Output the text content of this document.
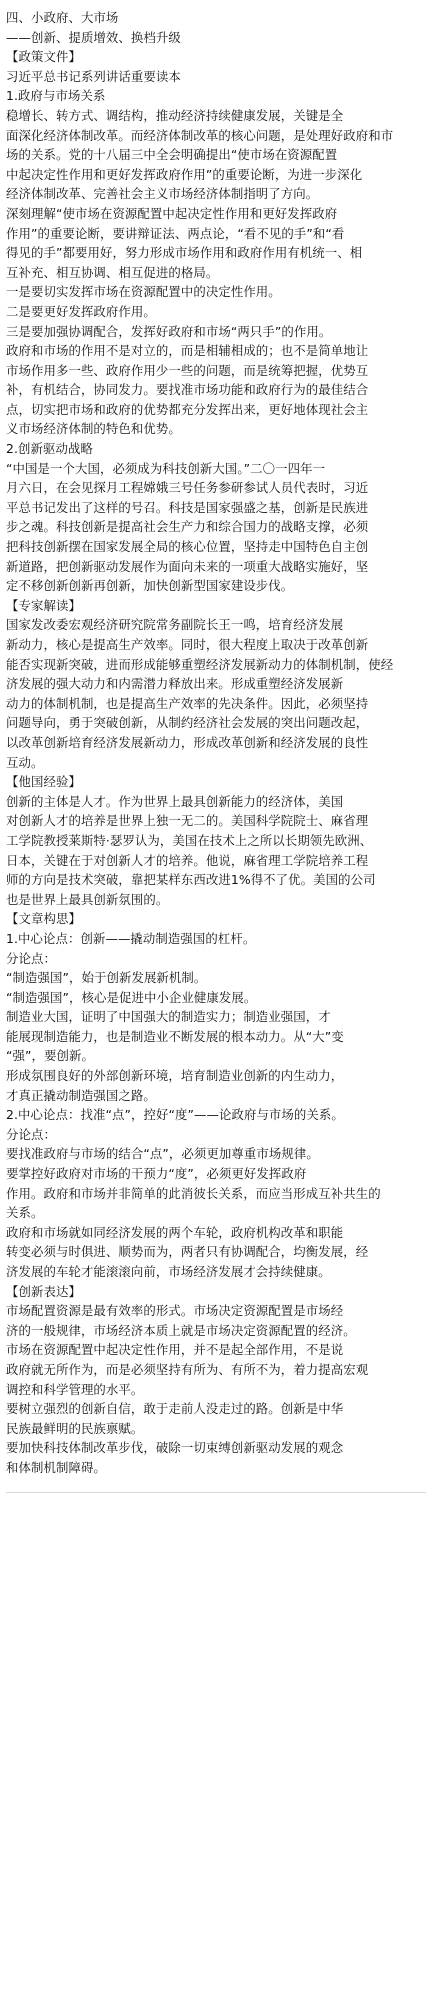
四、小政府、大市场
——创新、提质增效、换档升级
【政策文件】
习近平总书记系列讲话重要读本
1.政府与市场关系
稳增长、转方式、调结构，推动经济持续健康发展，关键是全
面深化经济体制改革。而经济体制改革的核心问题，是处理好政府和市
场的关系。党的十八届三中全会明确提出“使市场在资源配置
中起决定性作用和更好发挥政府作用”的重要论断，为进一步深化
经济体制改革、完善社会主义市场经济体制指明了方向。
深刻理解“使市场在资源配置中起决定性作用和更好发挥政府
作用”的重要论断，要讲辩证法、两点论，“看不见的手”和“看
得见的手”都要用好，努力形成市场作用和政府作用有机统一、相
互补充、相互协调、相互促进的格局。
一是要切实发挥市场在资源配置中的决定性作用。
二是要更好发挥政府作用。
三是要加强协调配合，发挥好政府和市场“两只手”的作用。
政府和市场的作用不是对立的，而是相辅相成的；也不是简单地让
市场作用多一些、政府作用少一些的问题，而是统筹把握，优势互
补，有机结合，协同发力。要找准市场功能和政府行为的最佳结合
点，切实把市场和政府的优势都充分发挥出来，更好地体现社会主
义市场经济体制的特色和优势。
2.创新驱动战略
“中国是一个大国，必须成为科技创新大国。”二〇一四年一
月六日，在会见探月工程嫦娥三号任务参研参试人员代表时，习近
平总书记发出了这样的号召。科技是国家强盛之基，创新是民族进
步之魂。科技创新是提高社会生产力和综合国力的战略支撑，必须
把科技创新摆在国家发展全局的核心位置，坚持走中国特色自主创
新道路，把创新驱动发展作为面向未来的一项重大战略实施好，坚
定不移创新创新再创新，加快创新型国家建设步伐。
【专家解读】
国家发改委宏观经济研究院常务副院长王一鸣，培育经济发展
新动力，核心是提高生产效率。同时，很大程度上取决于改革创新
能否实现新突破，进而形成能够重塑经济发展新动力的体制机制，使经
济发展的强大动力和内需潜力释放出来。形成重塑经济发展新
动力的体制机制，也是提高生产效率的先决条件。因此，必须坚持
问题导向，勇于突破创新，从制约经济社会发展的突出问题改起，
以改革创新培育经济发展新动力，形成改革创新和经济发展的良性
互动。
【他国经验】
创新的主体是人才。作为世界上最具创新能力的经济体，美国
对创新人才的培养是世界上独一无二的。美国科学院院士、麻省理
工学院教授莱斯特·瑟罗认为，美国在技术上之所以长期领先欧洲、
日本，关键在于对创新人才的培养。他说，麻省理工学院培养工程
师的方向是技术突破，靠把某样东西改进1%得不了优。美国的公司
也是世界上最具创新氛围的。
【文章构思】
1.中心论点：创新——撬动制造强国的杠杆。
分论点：
“制造强国”，始于创新发展新机制。
“制造强国”，核心是促进中小企业健康发展。
制造业大国，证明了中国强大的制造实力；制造业强国，才
能展现制造能力，也是制造业不断发展的根本动力。从“大”变
“强”，要创新。
形成氛围良好的外部创新环境，培育制造业创新的内生动力，
才真正撬动制造强国之路。
2.中心论点：找准“点”，控好“度”——论政府与市场的关系。
分论点：
要找准政府与市场的结合“点”，必须更加尊重市场规律。
要掌控好政府对市场的干预力“度”，必须更好发挥政府
作用。政府和市场并非简单的此消彼长关系，而应当形成互补共生的
关系。
政府和市场就如同经济发展的两个车轮，政府机构改革和职能
转变必须与时俱进、顺势而为，两者只有协调配合，均衡发展，经
济发展的车轮才能滚滚向前，市场经济发展才会持续健康。
【创新表达】
市场配置资源是最有效率的形式。市场决定资源配置是市场经
济的一般规律，市场经济本质上就是市场决定资源配置的经济。
市场在资源配置中起决定性作用，并不是起全部作用，不是说
政府就无所作为，而是必须坚持有所为、有所不为，着力提高宏观
调控和科学管理的水平。
要树立强烈的创新自信，敢于走前人没走过的路。创新是中华
民族最鲜明的民族禀赋。
要加快科技体制改革步伐，破除一切束缚创新驱动发展的观念
和体制机制障碍。
